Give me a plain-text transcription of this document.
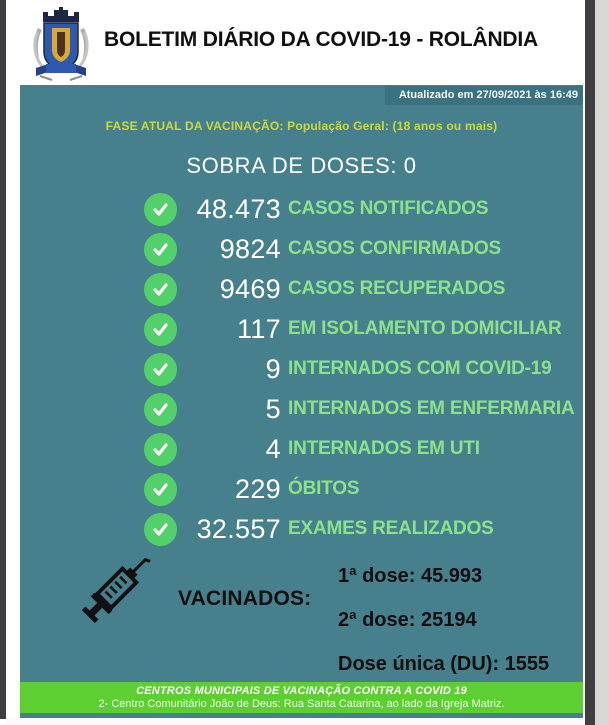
BOLETIM DIÁRIO DA COVID-19 - ROLÂNDIA
Atualizado em 27/09/2021 às 16:49
FASE ATUAL DA VACINAÇÃO: População Geral: (18 anos ou mais)
SOBRA DE DOSES: 0
48.473 CASOS NOTIFICADOS
9824 CASOS CONFIRMADOS
9469 CASOS RECUPERADOS
117 EM ISOLAMENTO DOMICILIAR
9 INTERNADOS COM COVID-19
5 INTERNADOS EM ENFERMARIA
4 INTERNADOS EM UTI
229 ÓBITOS
32.557 EXAMES REALIZADOS
VACINADOS:
1ª dose: 45.993
2ª dose: 25194
Dose única (DU): 1555
CENTROS MUNICIPAIS DE VACINAÇÃO CONTRA A COVID 19
2- Centro Comunitário João de Deus: Rua Santa Catarina, ao lado da Igreja Matriz.
